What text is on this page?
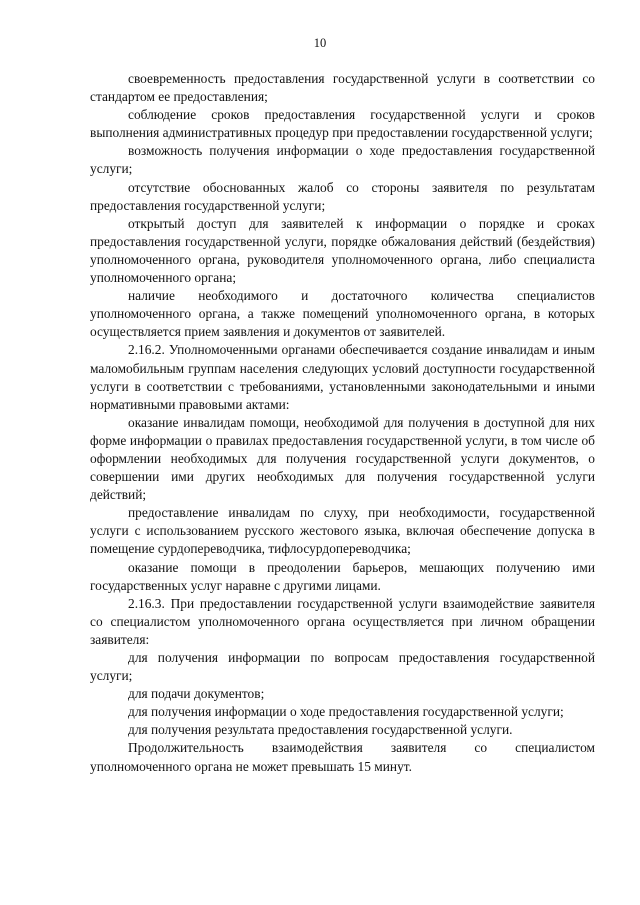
10

своевременность предоставления государственной услуги в соответствии со стандартом ее предоставления;

соблюдение сроков предоставления государственной услуги и сроков выполнения административных процедур при предоставлении государственной услуги;

возможность получения информации о ходе предоставления государственной услуги;

отсутствие обоснованных жалоб со стороны заявителя по результатам предоставления государственной услуги;

открытый доступ для заявителей к информации о порядке и сроках предоставления государственной услуги, порядке обжалования действий (бездействия) уполномоченного органа, руководителя уполномоченного органа, либо специалиста уполномоченного органа;

наличие необходимого и достаточного количества специалистов уполномоченного органа, а также помещений уполномоченного органа, в которых осуществляется прием заявления и документов от заявителей.

2.16.2. Уполномоченными органами обеспечивается создание инвалидам и иным маломобильным группам населения следующих условий доступности государственной услуги в соответствии с требованиями, установленными законодательными и иными нормативными правовыми актами:

оказание инвалидам помощи, необходимой для получения в доступной для них форме информации о правилах предоставления государственной услуги, в том числе об оформлении необходимых для получения государственной услуги документов, о совершении ими других необходимых для получения государственной услуги действий;

предоставление инвалидам по слуху, при необходимости, государственной услуги с использованием русского жестового языка, включая обеспечение допуска в помещение сурдопереводчика, тифлосурдопереводчика;

оказание помощи в преодолении барьеров, мешающих получению ими государственных услуг наравне с другими лицами.

2.16.3. При предоставлении государственной услуги взаимодействие заявителя со специалистом уполномоченного органа осуществляется при личном обращении заявителя:

для получения информации по вопросам предоставления государственной услуги;

для подачи документов;

для получения информации о ходе предоставления государственной услуги;

для получения результата предоставления государственной услуги.

Продолжительность взаимодействия заявителя со специалистом уполномоченного органа не может превышать 15 минут.
